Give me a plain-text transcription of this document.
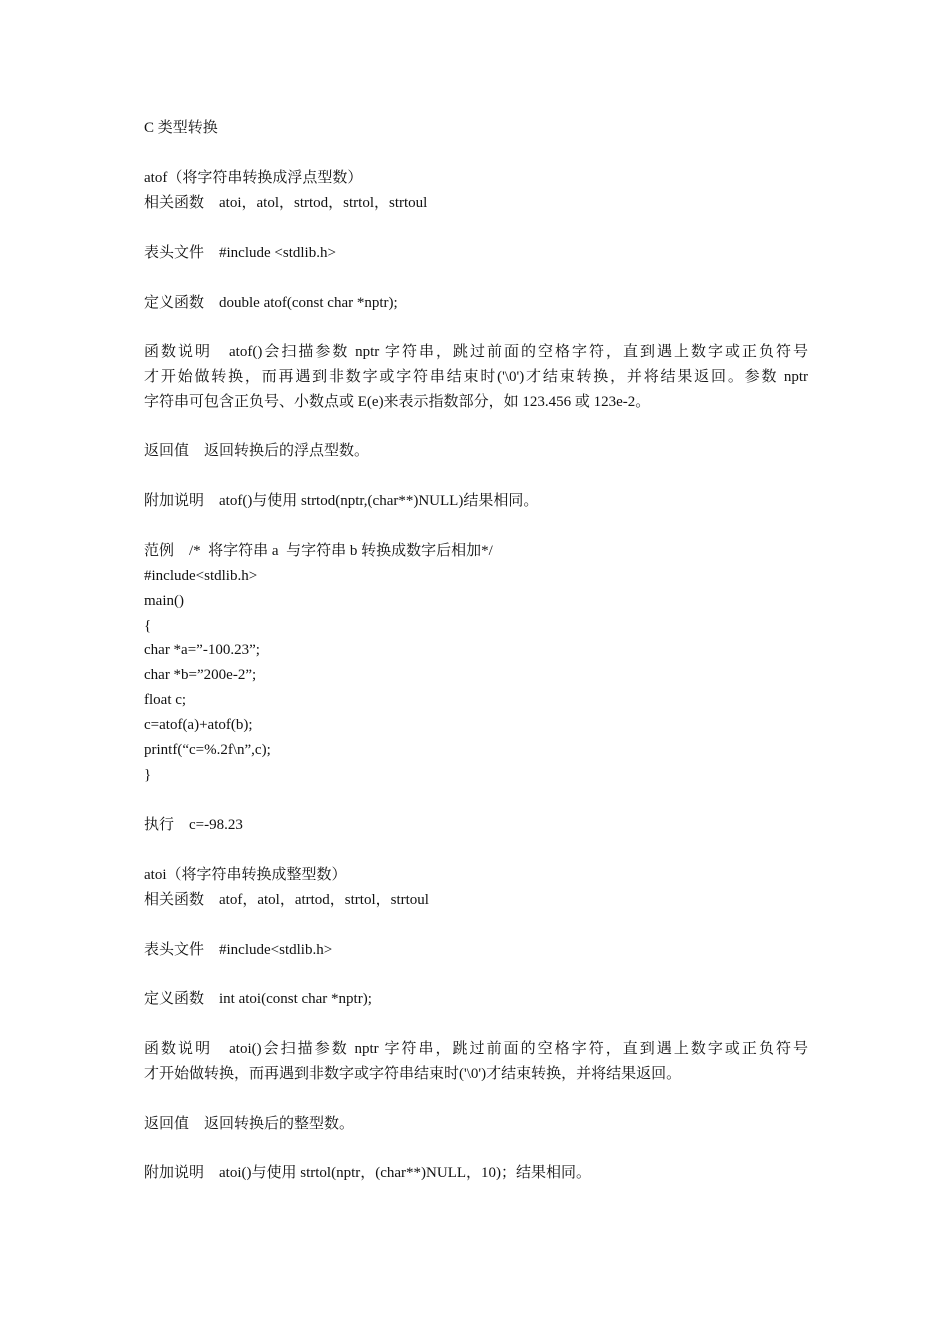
C 类型转换
atof（将字符串转换成浮点型数）
相关函数　atoi，atol，strtod，strtol，strtoul
表头文件　#include <stdlib.h>
定义函数　double atof(const char *nptr);
函数说明　atof()会扫描参数 nptr 字符串，跳过前面的空格字符，直到遇上数字或正负符号
才开始做转换，而再遇到非数字或字符串结束时('\0')才结束转换，并将结果返回。参数 nptr
字符串可包含正负号、小数点或 E(e)来表示指数部分，如 123.456 或 123e-2。
返回值　返回转换后的浮点型数。
附加说明　atof()与使用 strtod(nptr,(char**)NULL)结果相同。
范例　/*  将字符串 a  与字符串 b 转换成数字后相加*/
#include<stdlib.h>
main()
{
char *a=”-100.23”;
char *b=”200e-2”;
float c;
c=atof(a)+atof(b);
printf(“c=%.2f\n”,c);
}
执行　c=-98.23
atoi（将字符串转换成整型数）
相关函数　atof，atol，atrtod，strtol，strtoul
表头文件　#include<stdlib.h>
定义函数　int atoi(const char *nptr);
函数说明　atoi()会扫描参数 nptr 字符串，跳过前面的空格字符，直到遇上数字或正负符号
才开始做转换，而再遇到非数字或字符串结束时('\0')才结束转换，并将结果返回。
返回值　返回转换后的整型数。
附加说明　atoi()与使用 strtol(nptr，(char**)NULL，10)；结果相同。
